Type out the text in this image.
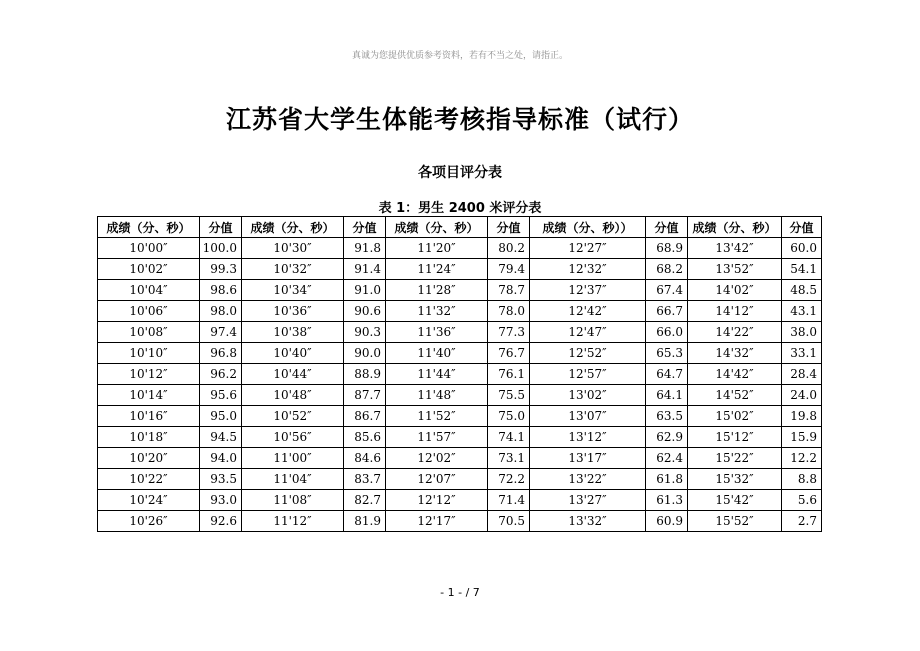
真诚为您提供优质参考资料，若有不当之处，请指正。
江苏省大学生体能考核指导标准（试行）
各项目评分表
表 1：男生 2400 米评分表
成绩（分、秒）	分值	成绩（分、秒）	分值	成绩（分、秒）	分值	成绩（分、秒））	分值	成绩（分、秒）	分值
10'00″	100.0	10'30″	91.8	11'20″	80.2	12'27″	68.9	13'42″	60.0
10'02″	99.3	10'32″	91.4	11'24″	79.4	12'32″	68.2	13'52″	54.1
10'04″	98.6	10'34″	91.0	11'28″	78.7	12'37″	67.4	14'02″	48.5
10'06″	98.0	10'36″	90.6	11'32″	78.0	12'42″	66.7	14'12″	43.1
10'08″	97.4	10'38″	90.3	11'36″	77.3	12'47″	66.0	14'22″	38.0
10'10″	96.8	10'40″	90.0	11'40″	76.7	12'52″	65.3	14'32″	33.1
10'12″	96.2	10'44″	88.9	11'44″	76.1	12'57″	64.7	14'42″	28.4
10'14″	95.6	10'48″	87.7	11'48″	75.5	13'02″	64.1	14'52″	24.0
10'16″	95.0	10'52″	86.7	11'52″	75.0	13'07″	63.5	15'02″	19.8
10'18″	94.5	10'56″	85.6	11'57″	74.1	13'12″	62.9	15'12″	15.9
10'20″	94.0	11'00″	84.6	12'02″	73.1	13'17″	62.4	15'22″	12.2
10'22″	93.5	11'04″	83.7	12'07″	72.2	13'22″	61.8	15'32″	8.8
10'24″	93.0	11'08″	82.7	12'12″	71.4	13'27″	61.3	15'42″	5.6
10'26″	92.6	11'12″	81.9	12'17″	70.5	13'32″	60.9	15'52″	2.7
- 1 - / 7
